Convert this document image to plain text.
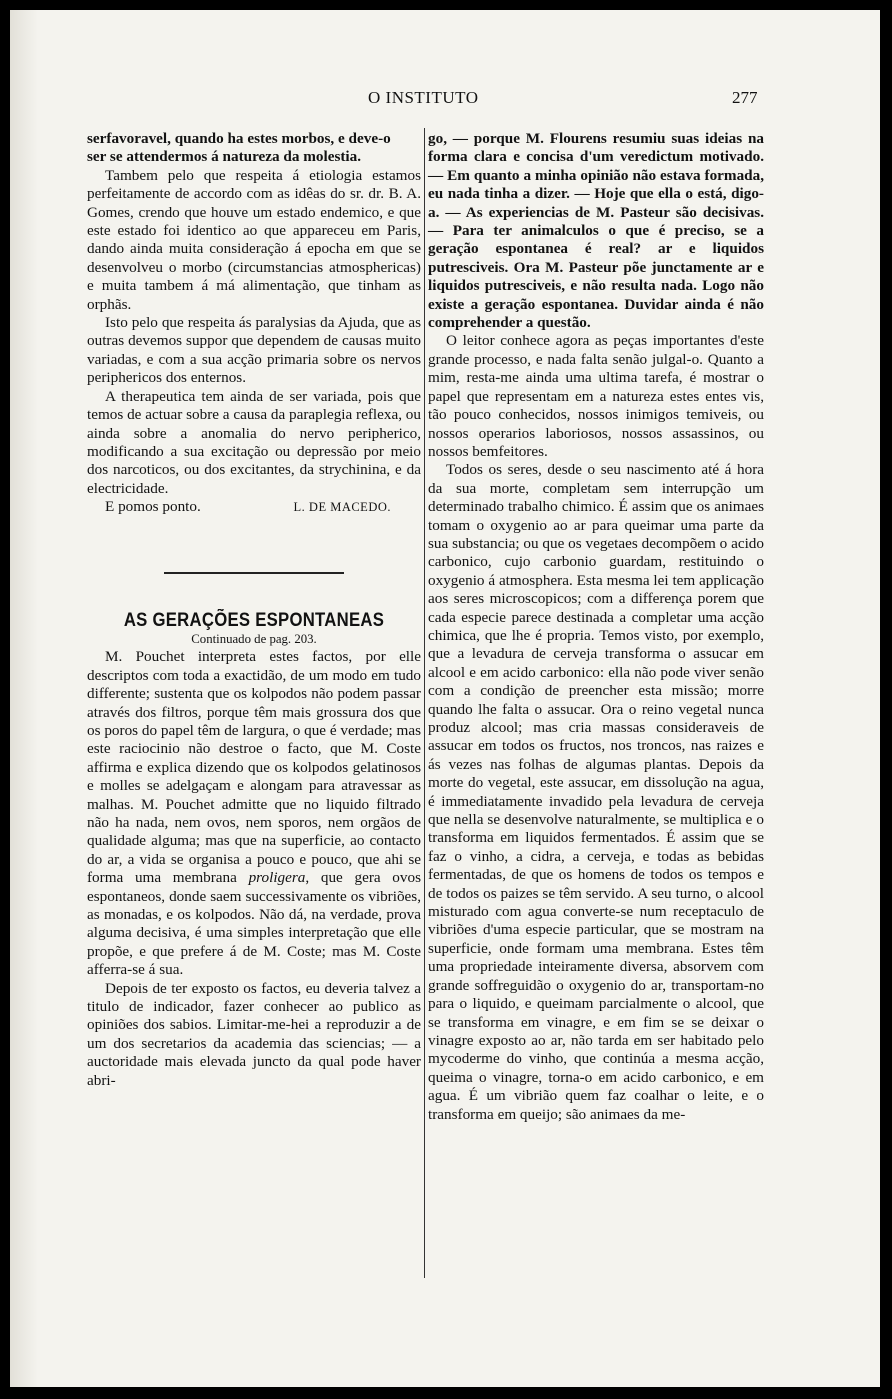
O INSTITUTO	277

serfavoravel, quando ha estes morbos, e deve-o

ser se attendermos á natureza da molestia.

Tambem pelo que respeita á etiologia estamos perfeitamente de accordo com as idêas do sr. dr. B. A. Gomes, crendo que houve um estado endemico, e que este estado foi identico ao que appareceu em Paris, dando ainda muita consideração á epocha em que se desenvolveu o morbo (circumstancias atmosphericas) e muita tambem á má alimentação, que tinham as orphãs.

Isto pelo que respeita ás paralysias da Ajuda, que as outras devemos suppor que dependem de causas muito variadas, e com a sua acção primaria sobre os nervos periphericos dos enternos.

A therapeutica tem ainda de ser variada, pois que temos de actuar sobre a causa da paraplegia reflexa, ou ainda sobre a anomalia do nervo peripherico, modificando a sua excitação ou depressão por meio dos narcoticos, ou dos excitantes, da strychinina, e da electricidade.

E pomos ponto.	L. DE MACEDO.

AS GERAÇÕES ESPONTANEAS

Continuado de pag. 203.

M. Pouchet interpreta estes factos, por elle descriptos com toda a exactidão, de um modo em tudo differente; sustenta que os kolpodos não podem passar através dos filtros, porque têm mais grossura dos que os poros do papel têm de largura, o que é verdade; mas este raciocinio não destroe o facto, que M. Coste affirma e explica dizendo que os kolpodos gelatinosos e molles se adelgaçam e alongam para atravessar as malhas. M. Pouchet admitte que no liquido filtrado não ha nada, nem ovos, nem sporos, nem orgãos de qualidade alguma; mas que na superficie, ao contacto do ar, a vida se organisa a pouco e pouco, que ahi se forma uma membrana proligera, que gera ovos espontaneos, donde saem successivamente os vibriões, as monadas, e os kolpodos. Não dá, na verdade, prova alguma decisiva, é uma simples interpretação que elle propõe, e que prefere á de M. Coste; mas M. Coste afferra-se á sua.

Depois de ter exposto os factos, eu deveria talvez a titulo de indicador, fazer conhecer ao publico as opiniões dos sabios. Limitar-me-hei a reproduzir a de um dos secretarios da academia das sciencias; — a auctoridade mais elevada juncto da qual pode haver abri-

go, — porque M. Flourens resumiu suas ideias na forma clara e concisa d'um veredictum motivado. — Em quanto a minha opinião não estava formada, eu nada tinha a dizer. — Hoje que ella o está, digo-a. — As experiencias de M. Pasteur são decisivas. — Para ter animalculos o que é preciso, se a geração espontanea é real? ar e liquidos putresciveis. Ora M. Pasteur põe junctamente ar e liquidos putresciveis, e não resulta nada. Logo não existe a geração espontanea. Duvidar ainda é não comprehender a questão.

O leitor conhece agora as peças importantes d'este grande processo, e nada falta senão julgal-o. Quanto a mim, resta-me ainda uma ultima tarefa, é mostrar o papel que representam em a natureza estes entes vis, tão pouco conhecidos, nossos inimigos temiveis, ou nossos operarios laboriosos, nossos assassinos, ou nossos bemfeitores.

Todos os seres, desde o seu nascimento até á hora da sua morte, completam sem interrupção um determinado trabalho chimico. É assim que os animaes tomam o oxygenio ao ar para queimar uma parte da sua substancia; ou que os vegetaes decompõem o acido carbonico, cujo carbonio guardam, restituindo o oxygenio á atmosphera. Esta mesma lei tem applicação aos seres microscopicos; com a differença porem que cada especie parece destinada a completar uma acção chimica, que lhe é propria. Temos visto, por exemplo, que a levadura de cerveja transforma o assucar em alcool e em acido carbonico: ella não pode viver senão com a condição de preencher esta missão; morre quando lhe falta o assucar. Ora o reino vegetal nunca produz alcool; mas cria massas consideraveis de assucar em todos os fructos, nos troncos, nas raizes e ás vezes nas folhas de algumas plantas. Depois da morte do vegetal, este assucar, em dissolução na agua, é immediatamente invadido pela levadura de cerveja que nella se desenvolve naturalmente, se multiplica e o transforma em liquidos fermentados. É assim que se faz o vinho, a cidra, a cerveja, e todas as bebidas fermentadas, de que os homens de todos os tempos e de todos os paizes se têm servido. A seu turno, o alcool misturado com agua converte-se num receptaculo de vibriões d'uma especie particular, que se mostram na superficie, onde formam uma membrana. Estes têm uma propriedade inteiramente diversa, absorvem com grande soffreguidão o oxygenio do ar, transportam-no para o liquido, e queimam parcialmente o alcool, que se transforma em vinagre, e em fim se se deixar o vinagre exposto ao ar, não tarda em ser habitado pelo mycoderme do vinho, que continúa a mesma acção, queima o vinagre, torna-o em acido carbonico, e em agua. É um vibrião quem faz coalhar o leite, e o transforma em queijo; são animaes da me-
